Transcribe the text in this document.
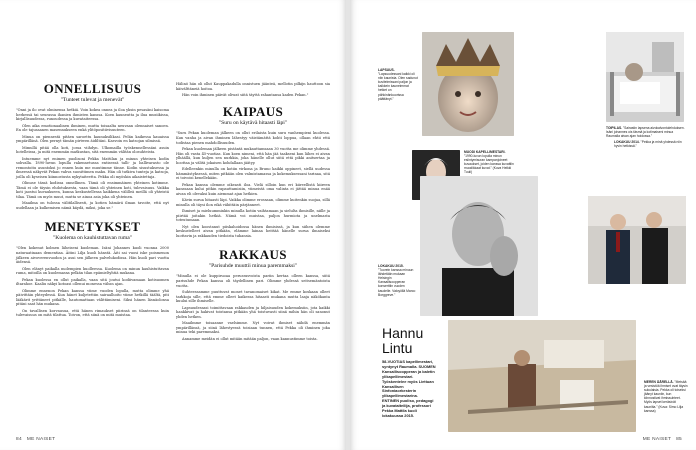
ONNELLISUUS
"Tunteet tulevat ja menevät"

"Onni ja ilo ovat olminensa hetkiä. Voin kokea onnea ja iloa yksin pesasäni kaisoma herkessä tai seurassa ihanien ihmisten kanssa. Koen kauneutta ja ilua musiikissa, kirjallisuudessa, runoudessa ja kuvataiteessa.

Olen aika emotionaalinen ihminen, mutta toisaalta neuvaan olennaiset sanoen. En ole tajusaanen masennukseen enkä ylitöpositiivisuuteen.

Minua on piennestä pitäen saroettu kaunuksilikasi. Pelän kaikessa kauaissa ympärillänä. Olen pernyt tämän pirtwen äidiltäni. Kasvoin en katsojan silmissä.

Mimullä pitää olla koti, jossa viihdyn. Ulkomailla työskennellessäni asuin hotelleissa, ja mitä enemmän matkustan, sitä enemmän välitän olosuhteista.

Intuemme nyt enimen puolisoni Pekka Mattilan ja minun yhteisen kodin sohvalla. 1890-luvun lopulla rakennetussa entisessä talli- ja ballivarasto ole remontoitu asuntoksi jo ennen kuin me muutimme tänne. Kodin sisustuksessa ja ilmeessä näkyvät Pekan vahva suosittimen maku. Hän oli tutkiva tunteja ja katsoja, joilla oli kyseisen kiinnostusta nykytaiteetta. Pekka oli myöskin aikaistettaja.

Olinuse tässä kodissa onnellinen. Tämä oli ensimmäinen yhteinen kotimme. Tämä ei ole täysin ehdotuksesta, vaan tämä oli yhteinen koti, tulevaisuus. Vaikka koti jaostui kuvaukseen, kunna keskustellessa kaikkena välilleä meillä oli yhteistä tilaa. Tämä on myös muut, mutta se ainoa asia joka oli yhteinen.

Maailma on tulossa välitilallisesti, ja kotien hämärä ilman tavoite, että nyt uudellaan ja kulkemisen nämä käydä, miksi, joka se."

MENETYKSET
"Kuolema on kauhistuttavan ruma"

"Olen kokenut kolmen läheiseni kuoleman. Isäni Johannes kuoli vuonna 2000 naturaatinaan dementiaa. Äitini Lilja kuoli hänstä. Äiti sai vuosi iske poismenon jälkeen aivoverenvuodon ja asui sen jälkeen palvelukodissa. Hän kuoli pari vuotta äidensä.

Olen elänyt paikalla molempien kuolleessa. Kuolema on minun kauhistuttavan ruma, mitoilla on kuolemassa pelkän tilan epämieltyhtiä mukana.

Pekan kuolessa en ollut paikalla, vaan sitä joutui kodiivamaan kotisuomen iltarahoe. Kaaliu näkyi kotoasi ollenui monessa vähsn ajan.

Olimme ennenon Pekan kanssa viime vuoden lopulla, mutta olimme yhä päivittäin yhteydessä. Kun hänet kuljetettiin sairaalhoito viime hetkillä täältä, piti lääkärit yrittäneet pitkälle, hautomattaan välittämiseni. Siksi hänen läsnäolonsa pitäni saat hän mukana.

On tavallisen korvausua, että hänen rimaukset piirinsä on tilanteessa kuin tulevaisuus on mitä tilattua. Toivon, että siinä on mitä muistaa.

Hälinö hän oli ollut Kauppakadulla onnistuen jäänteä, mellotin pilkijn hauttoon sia käivälttäneiä hoitoa.

Hän voin ihminen päivät oliwat siitä täyttä rahantansa kaden Pekan."

KAIPAUS
"Suru on käytävä hitaasti läpi"

"Suru Pekan kuoleman jälkeen on ollut erilaista kuin suru vanhempieni kuolessa. Kun vanha ja aivan ihminen lähestyy väistämättä kohti loppua, ollaan ehtii että todistaa pienen mahdollisuuden.

Pekan kuoleman jälkeen pistäntä mukauttamsaan 30 vuotta me olimme yhdessä. Hän oli vasta 45-vuotias. Kun koen nimeni, että hän jää taakseni kun lähes ei aivan ylhäällä, kun kuljen sen nurkkia, joka hänelle ollut siitä että pikki anitsertaa ja hoottaa ja välitä jokaisen kohdallaan jäätyy.

Edelleenkin minulla on kotiin virkona ja Bruno kaikki oppineet, siellä uudessa hämmästyksessä, miten pitkään olen valmistamassa ja kokemuksessani tarinaa, sitä ei toivoisi kenellekään.

Pekan kanssa olemme oikeasti iloa. Vielä silloin kun eri kiireellistä kiireen kanssaan kului pitkin rapauttamisiin, viimeistä oma valinta ei jättää minua enää aivan eli olevaksi kuin aiemmat ajan hetkien.

Kävin surua hitaasti läpi. Vaikka olimme erossaan, olimme kuitenkin suojaa, sillä minulla oli täysi ilon eikä vähittäin pärjänneet.

Ihmiset ja mieluumminkin minulla kotiin vaihtamaan ja sielulta ihmisille, niille ja piirtää joitakin hetkiä. Nämä voi muistaa, paljon hurmiota ja unelmasta toteutumaan.

Nyt olen koostanut piiskahoidossa hänen ihmisissä, ja kun siihen olemme keskustelleet aivan pitkään, elämme lainaa heittää hänelle surua ilmaiseksi luottavin ja rakkauden tiedoista tuhansia.

RAKKAUS
"Parisuhde muuttii minua paremmaksi"

"Minulla ei ole kuppiruoaa perusrasvoista pariin kertaa olleen kanssa, siitä parisuhde Pekan kanssa oli täydellinen pari. Olimme yhdessä seitsemäntoista vuotta.

Suhteessamme puuttuvat monet tavanomaiset kikat. Me emme koskaan olleet tarkkoja sille, että emme olleet kaikessa hitaasti mukana mutta laaja näkökanta kuului sille ihmiselle.

Lapsuudessasi toimittavaan rakkauden ja hiljaisuuden kokemuksiin, jota kaikki hankkivat ja hakivat toistansa pitkään yhä toistuvasti siinä mihin hän oli sanonut yhden hetken.

Maailmme toisaanne vaelsimme. Nyt voivat ihmiset nähdä enemmän ympärillänsä, ja siinä lähestyessä toisiaan tunnen, että Pekka oli ihminen joka minua teki paremmaksi.

Annamme meidän ei ollut mitään mitään paljon, vaan kannustimme toista.

84 ME NAISET
LAPSUUS. "Lapsuudessani kaikki oli niin kaunista. Olen sadunut kuvitelmissani paljon ja kaikkein kauneimmat hetket on pähkinänkuorissa päättänyt."
TOIPILAS. "Sairastin lapsena aivokalvontulehduksen. Isäni johannes ois täsmä ja kotimaiseni minua Raumalla aivan ajan hoidossa."
MUODI KAPELLIMESTARI. "1990-luvun lopulla minun esiintymisuran kampanjoineet kuvaukset, joiden kanssa kuvattiin muodikkaat kuvat." (Kuva Heikki Tuuli)
LOKAKUU 2014. "Pekka ja minä yhdessä niin hyvin hetkissä."
LOKAKUU 2015. "Tuorein kanssa minuun lähdetään mukaan Helsingin Kansallisoopperan konserttiin vuoden kaudelle. Valoyöllä Marco Borggreve."
Hannu
Lintu
58-VUOTIAS kapellimestari, syntynyt Raumalla. SUOMEN Kansallisoopperan ja baletin ylikapellimestari. Työskentelee myös Liettuan Kansallisen Sinfoniaorkesterin ylikapellimestarina. ENTINEN puoliso, pedagogi ja kuvataiteilija, professori Pekka Mattila kuoli lokakuussa 2015.
MEREN ÄÄRELLÄ. "Metsää ja vesistöä ihmiset ovat täysin sukulaisia. Pekka oli toiseksi jäänyt kauniin, kun kiinnostivat ihmissuhteet. Myös lapset keräsivät kauniita." (Kuva: Simo Lilja kanssa)
ME NAISET 85
